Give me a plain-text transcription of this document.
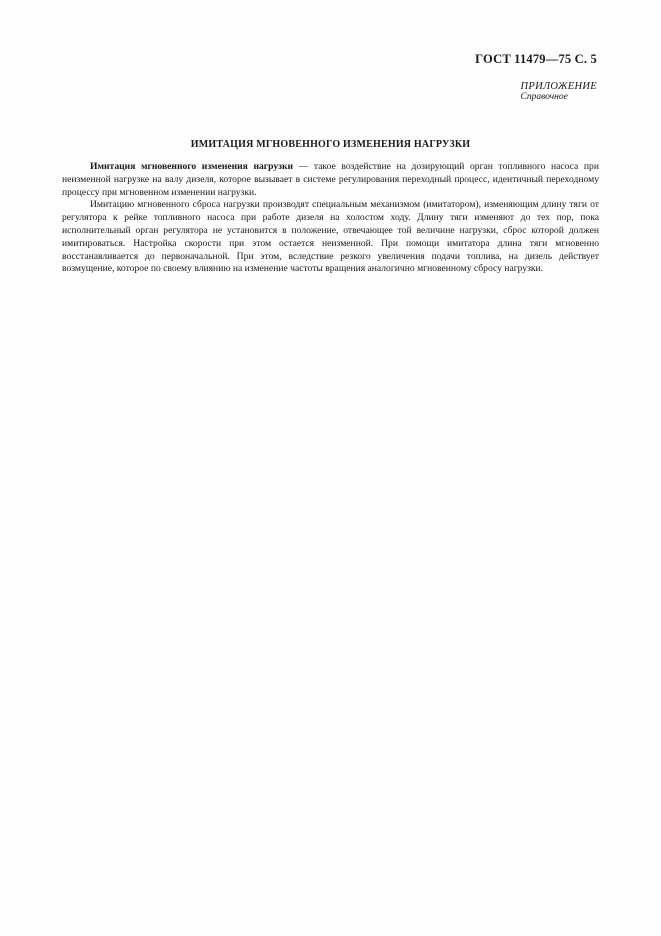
ГОСТ 11479—75 С. 5
ПРИЛОЖЕНИЕ
Справочное
ИМИТАЦИЯ МГНОВЕННОГО ИЗМЕНЕНИЯ НАГРУЗКИ

Имитация мгновенного изменения нагрузки — такое воздействие на дозирующий орган топливного насоса при неизменной нагрузке на валу дизеля, которое вызывает в системе регулирования переходный процесс, идентичный переходному процессу при мгновенном изменении нагрузки.

Имитацию мгновенного сброса нагрузки производят специальным механизмом (имитатором), изменяющим длину тяги от регулятора к рейке топливного насоса при работе дизеля на холостом ходу. Длину тяги изменяют до тех пор, пока исполнительный орган регулятора не установится в положение, отвечающее той величине нагрузки, сброс которой должен имитироваться. Настройка скорости при этом остается неизменной. При помощи имитатора длина тяги мгновенно восстанавливается до первоначальной. При этом, вследствие резкого увеличения подачи топлива, на дизель действует возмущение, которое по своему влиянию на изменение частоты вращения аналогично мгновенному сбросу нагрузки.
